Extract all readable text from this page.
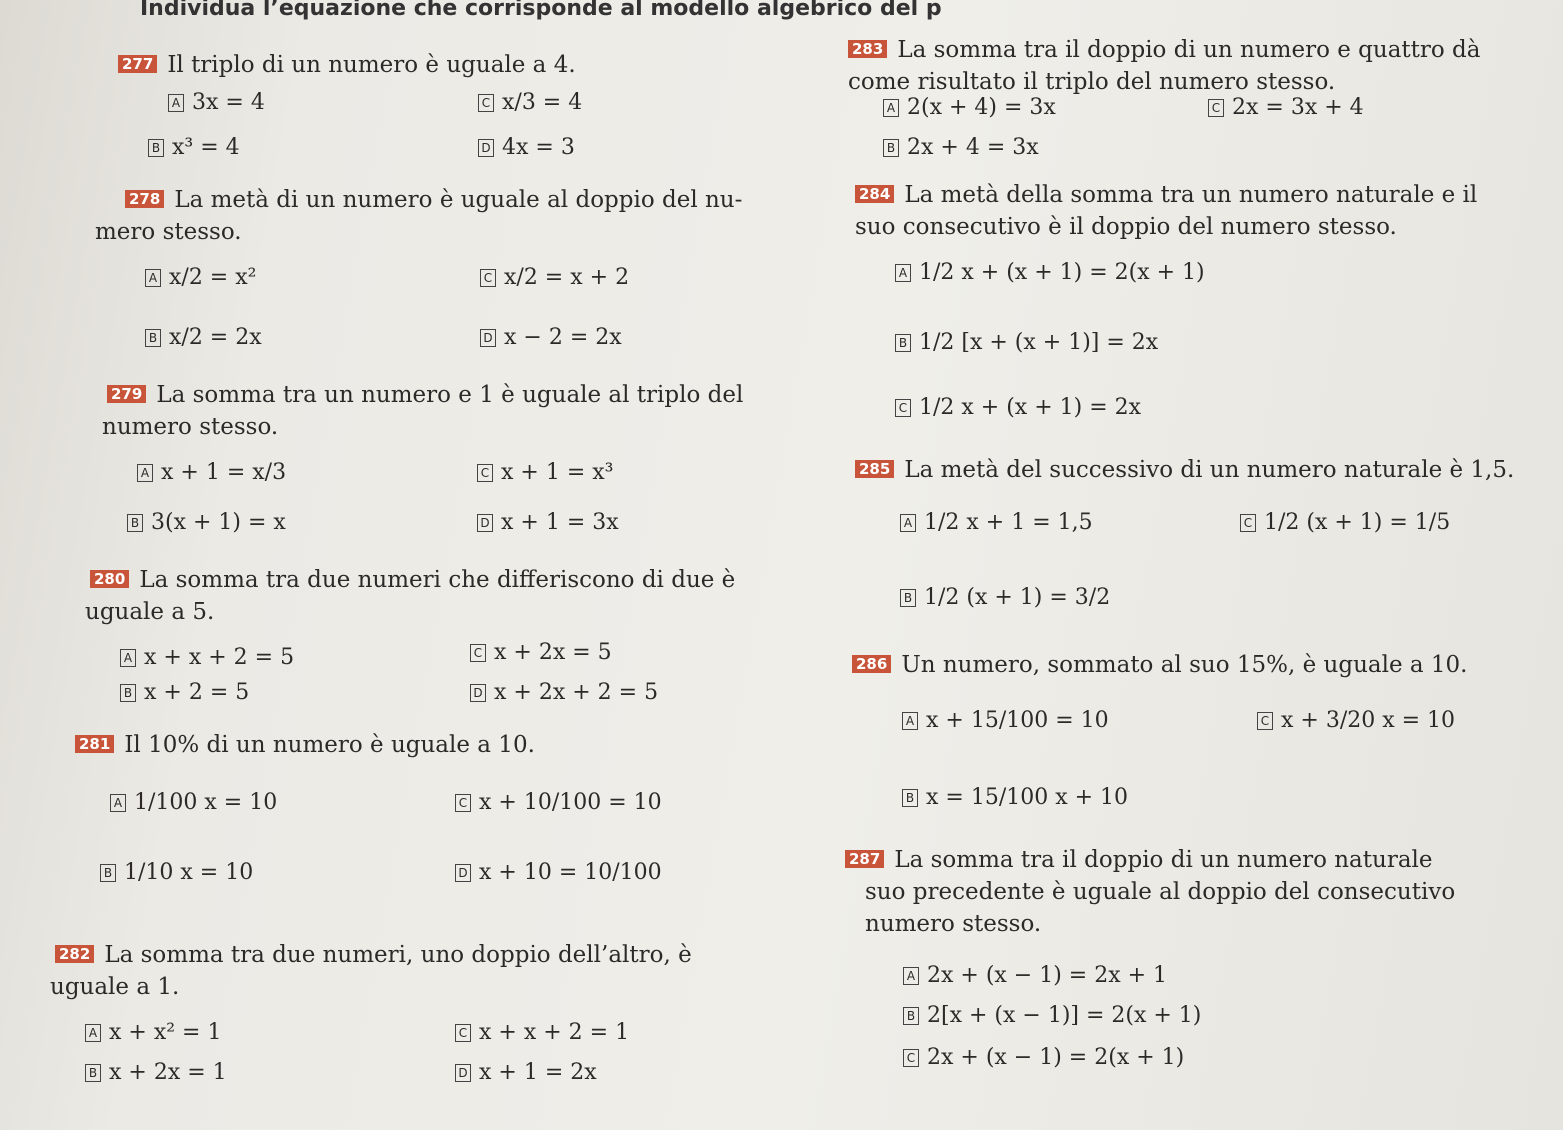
Individua l’equazione che corrisponde al modello algebrico del p
277 Il triplo di un numero è uguale a 4.
A 3x = 4
B x³ = 4
C x/3 = 4
D 4x = 3
278 La metà di un numero è uguale al doppio del nu-
mero stesso.
A x/2 = x²
B x/2 = 2x
C x/2 = x + 2
D x − 2 = 2x
279 La somma tra un numero e 1 è uguale al triplo del
numero stesso.
A x + 1 = x/3
B 3(x + 1) = x
C x + 1 = x³
D x + 1 = 3x
280 La somma tra due numeri che differiscono di due è
uguale a 5.
A x + x + 2 = 5
B x + 2 = 5
C x + 2x = 5
D x + 2x + 2 = 5
281 Il 10% di un numero è uguale a 10.
A 1/100 x = 10
B 1/10 x = 10
C x + 10/100 = 10
D x + 10 = 10/100
282 La somma tra due numeri, uno doppio dell’altro, è
uguale a 1.
A x + x² = 1
B x + 2x = 1
C x + x + 2 = 1
D x + 1 = 2x
283 La somma tra il doppio di un numero e quattro dà
come risultato il triplo del numero stesso.
A 2(x + 4) = 3x
B 2x + 4 = 3x
C 2x = 3x + 4
284 La metà della somma tra un numero naturale e il
suo consecutivo è il doppio del numero stesso.
A 1/2 x + (x + 1) = 2(x + 1)
B 1/2 [x + (x + 1)] = 2x
C 1/2 x + (x + 1) = 2x
285 La metà del successivo di un numero naturale è 1,5.
A 1/2 x + 1 = 1,5
B 1/2 (x + 1) = 3/2
C 1/2 (x + 1) = 1/5
286 Un numero, sommato al suo 15%, è uguale a 10.
A x + 15/100 = 10
B x = 15/100 x + 10
C x + 3/20 x = 10
287 La somma tra il doppio di un numero naturale
suo precedente è uguale al doppio del consecutivo
numero stesso.
A 2x + (x − 1) = 2x + 1
B 2[x + (x − 1)] = 2(x + 1)
C 2x + (x − 1) = 2(x + 1)
